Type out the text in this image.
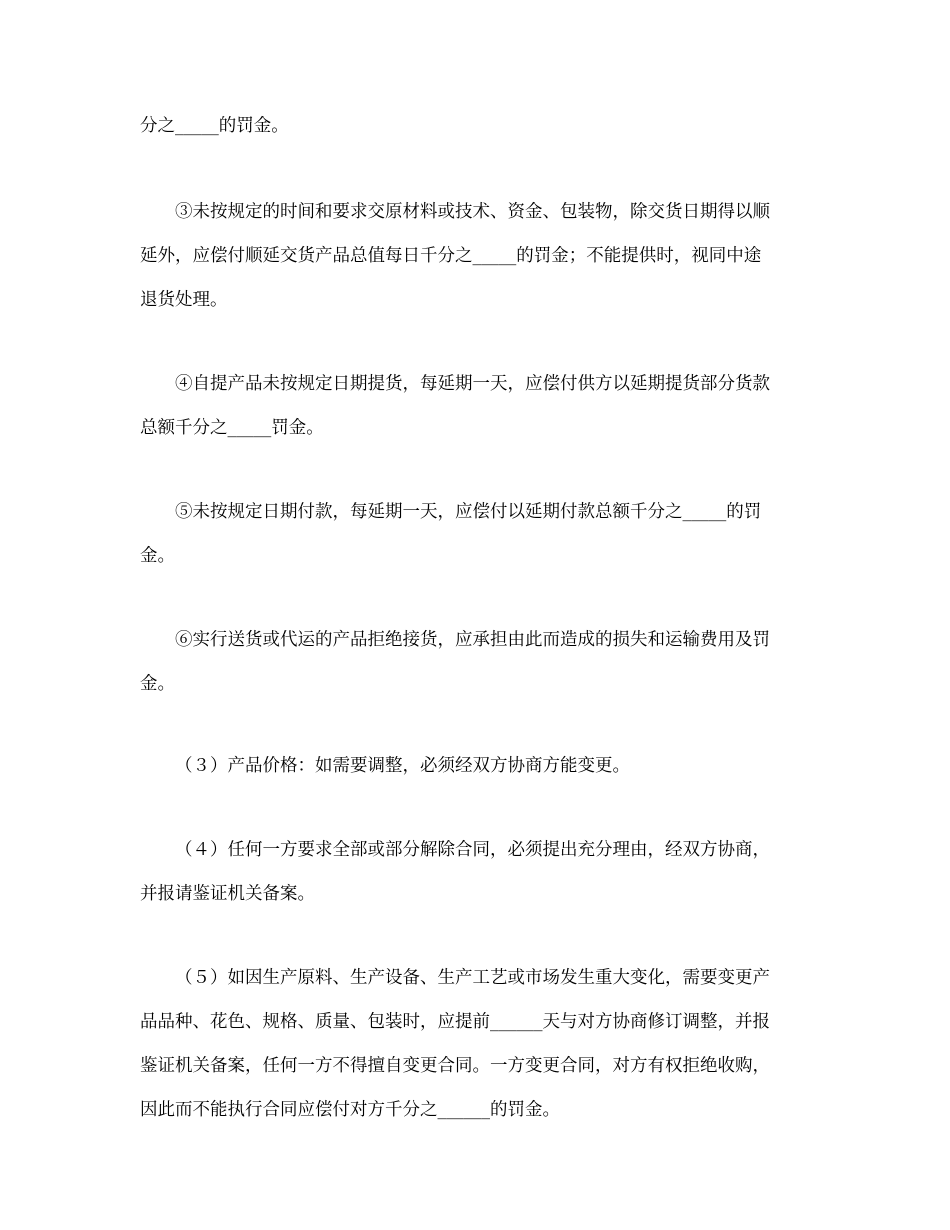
分之_____的罚金。

③未按规定的时间和要求交原材料或技术、资金、包装物，除交货日期得以顺
延外，应偿付顺延交货产品总值每日千分之_____的罚金；不能提供时，视同中途
退货处理。

④自提产品未按规定日期提货，每延期一天，应偿付供方以延期提货部分货款
总额千分之_____罚金。

⑤未按规定日期付款，每延期一天，应偿付以延期付款总额千分之_____的罚
金。

⑥实行送货或代运的产品拒绝接货，应承担由此而造成的损失和运输费用及罚
金。

（３）产品价格：如需要调整，必须经双方协商方能变更。

（４）任何一方要求全部或部分解除合同，必须提出充分理由，经双方协商，
并报请鉴证机关备案。

（５）如因生产原料、生产设备、生产工艺或市场发生重大变化，需要变更产
品品种、花色、规格、质量、包装时，应提前______天与对方协商修订调整，并报
鉴证机关备案，任何一方不得擅自变更合同。一方变更合同，对方有权拒绝收购，
因此而不能执行合同应偿付对方千分之______的罚金。
